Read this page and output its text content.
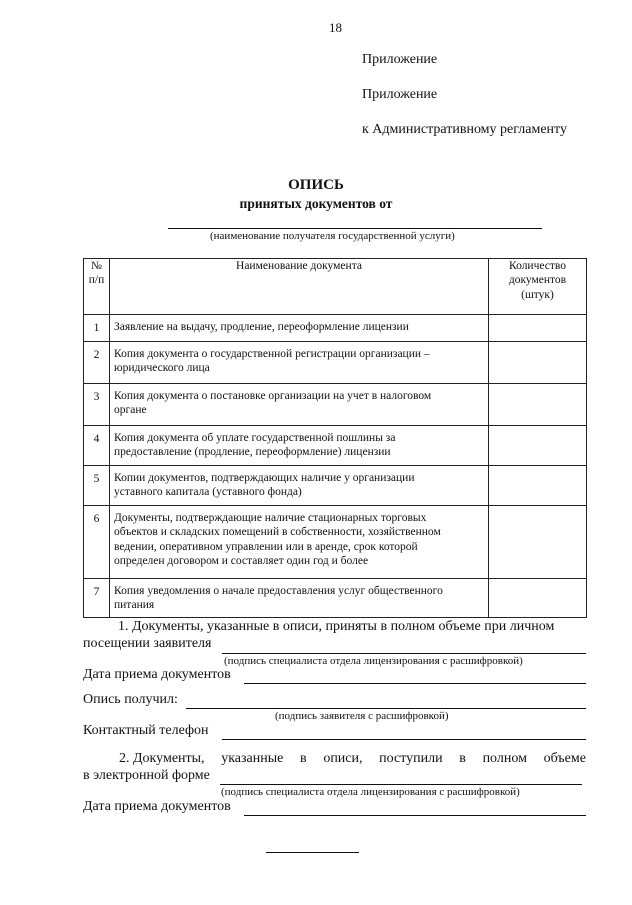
18
Приложение
Приложение
к Административному регламенту
ОПИСЬ
принятых документов от
(наименование получателя государственной услуги)
№
п/п	Наименование документа	Количество
документов
(штук)
1	Заявление на выдачу, продление, переоформление лицензии	
2	Копия документа о государственной регистрации организации –
юридического лица	
3	Копия документа о постановке организации на учет в налоговом
органе	
4	Копия документа об уплате государственной пошлины за
предоставление (продление, переоформление) лицензии	
5	Копии документов, подтверждающих наличие у организации
уставного капитала (уставного фонда)	
6	Документы, подтверждающие наличие стационарных торговых
объектов и складских помещений в собственности, хозяйственном
ведении, оперативном управлении или в аренде, срок которой
определен договором и составляет один год и более	
7	Копия уведомления о начале предоставления услуг общественного
питания	
1. Документы, указанные в описи, приняты в полном объеме при личном
посещении заявителя
(подпись специалиста отдела лицензирования с расшифровкой)
Дата приема документов
Опись получил:
(подпись заявителя с расшифровкой)
Контактный телефон
2. Документы, указанные в описи, поступили в полном объеме
в электронной форме
(подпись специалиста отдела лицензирования с расшифровкой)
Дата приема документов
